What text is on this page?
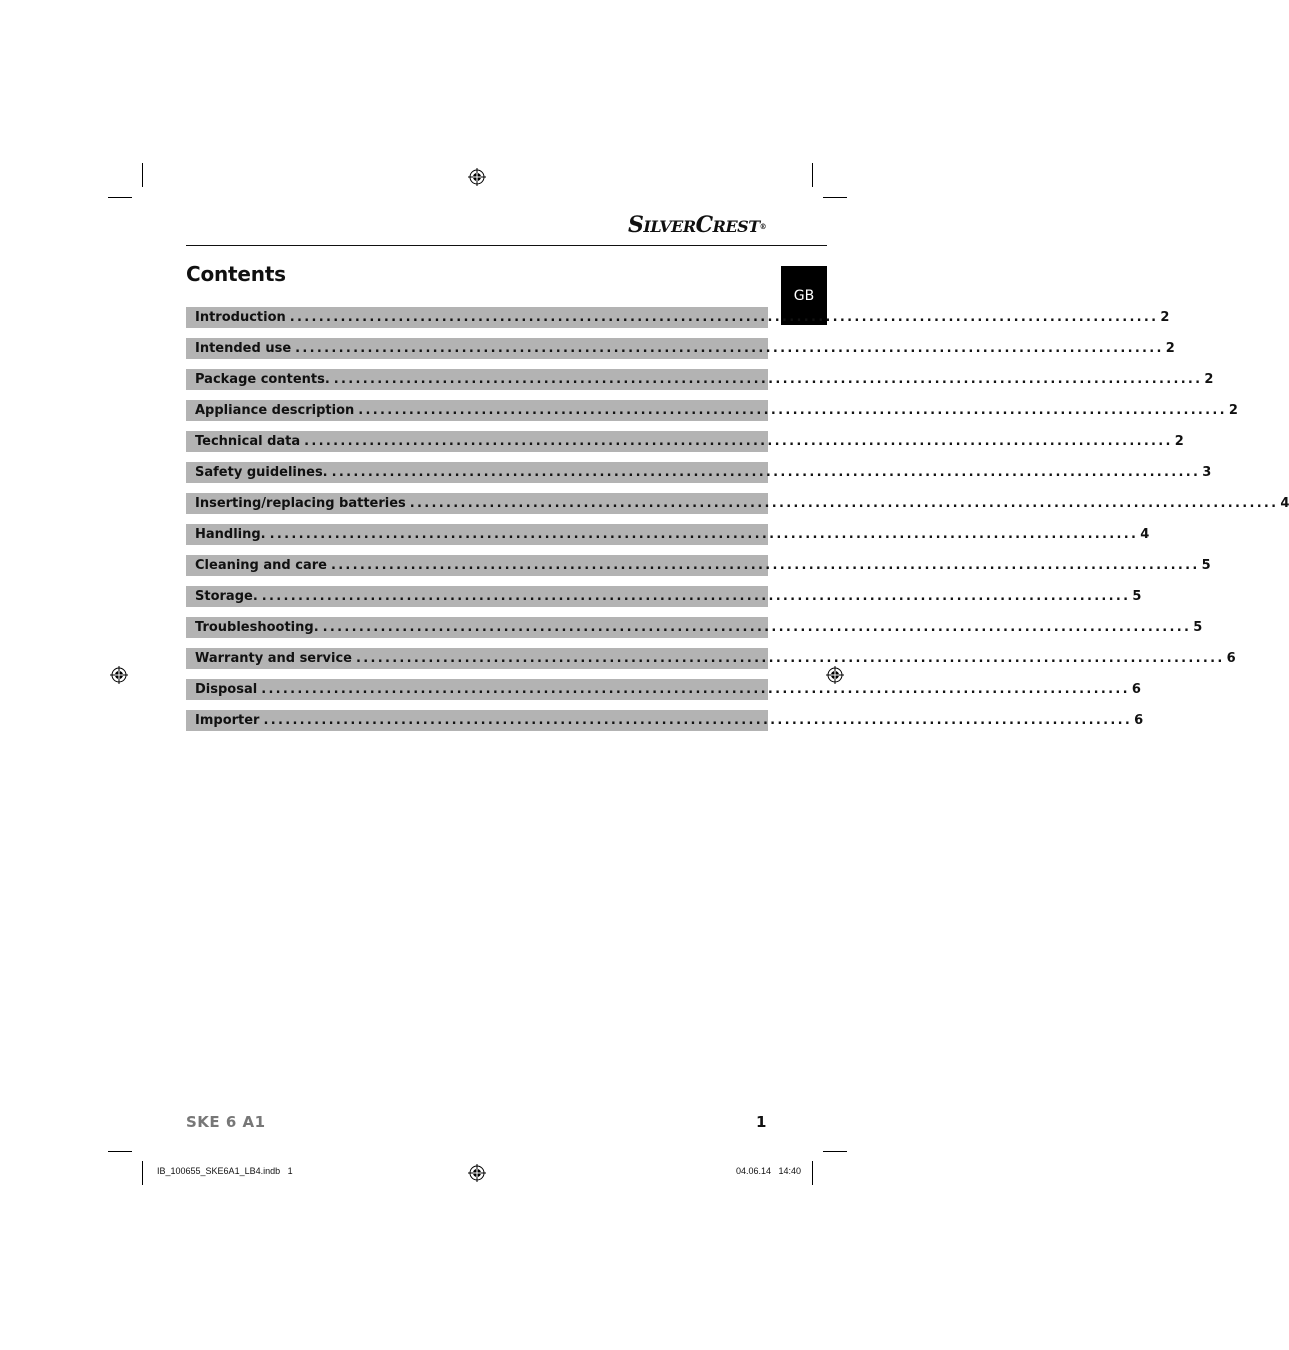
SILVERCREST®
Contents
GB
Introduction ........................................................................................................................ 2
Intended use ........................................................................................................................ 2
Package contents. ........................................................................................................................ 2
Appliance description ........................................................................................................................ 2
Technical data ........................................................................................................................ 2
Safety guidelines. ........................................................................................................................ 3
Inserting/replacing batteries ........................................................................................................................ 4
Handling. ........................................................................................................................ 4
Cleaning and care ........................................................................................................................ 5
Storage. ........................................................................................................................ 5
Troubleshooting. ........................................................................................................................ 5
Warranty and service ........................................................................................................................ 6
Disposal ........................................................................................................................ 6
Importer ........................................................................................................................ 6
SKE 6 A1	1
IB_100655_SKE6A1_LB4.indb   1	04.06.14   14:40
